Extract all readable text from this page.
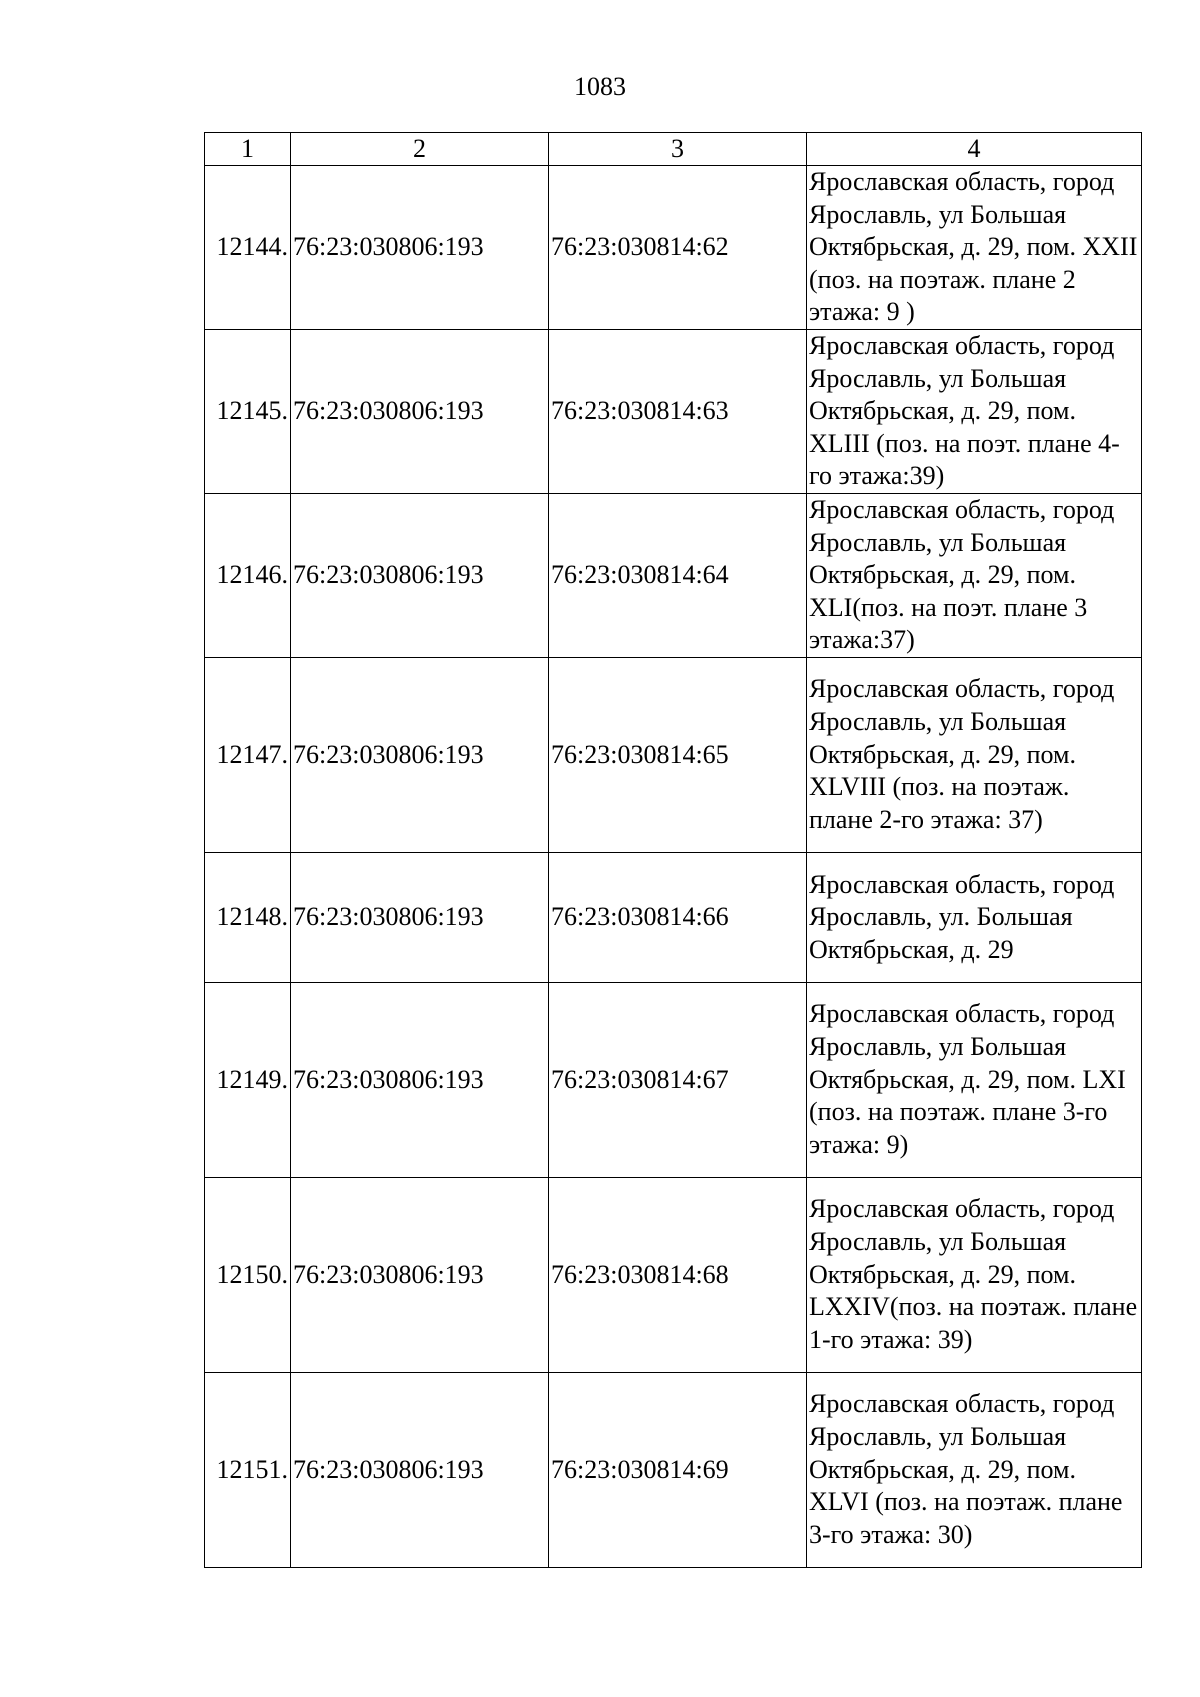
1083
1	2	3	4
12144.	76:23:030806:193	76:23:030814:62	Ярославская область, город Ярославль, ул Большая Октябрьская, д. 29, пом. XXII (поз. на поэтаж. плане 2 этажа: 9 )
12145.	76:23:030806:193	76:23:030814:63	Ярославская область, город Ярославль, ул Большая Октябрьская, д. 29, пом. XLIII (поз. на поэт. плане 4-го этажа:39)
12146.	76:23:030806:193	76:23:030814:64	Ярославская область, город Ярославль, ул Большая Октябрьская, д. 29, пом. XLI(поз. на поэт. плане 3 этажа:37)
12147.	76:23:030806:193	76:23:030814:65	Ярославская область, город Ярославль, ул Большая Октябрьская, д. 29, пом. XLVIII (поз. на поэтаж. плане 2-го этажа: 37)
12148.	76:23:030806:193	76:23:030814:66	Ярославская область, город Ярославль, ул. Большая Октябрьская, д. 29
12149.	76:23:030806:193	76:23:030814:67	Ярославская область, город Ярославль, ул Большая Октябрьская, д. 29, пом. LXI (поз. на поэтаж. плане 3-го этажа: 9)
12150.	76:23:030806:193	76:23:030814:68	Ярославская область, город Ярославль, ул Большая Октябрьская, д. 29, пом. LXXIV(поз. на поэтаж. плане 1-го этажа: 39)
12151.	76:23:030806:193	76:23:030814:69	Ярославская область, город Ярославль, ул Большая Октябрьская, д. 29, пом. XLVI (поз. на поэтаж. плане 3-го этажа: 30)
